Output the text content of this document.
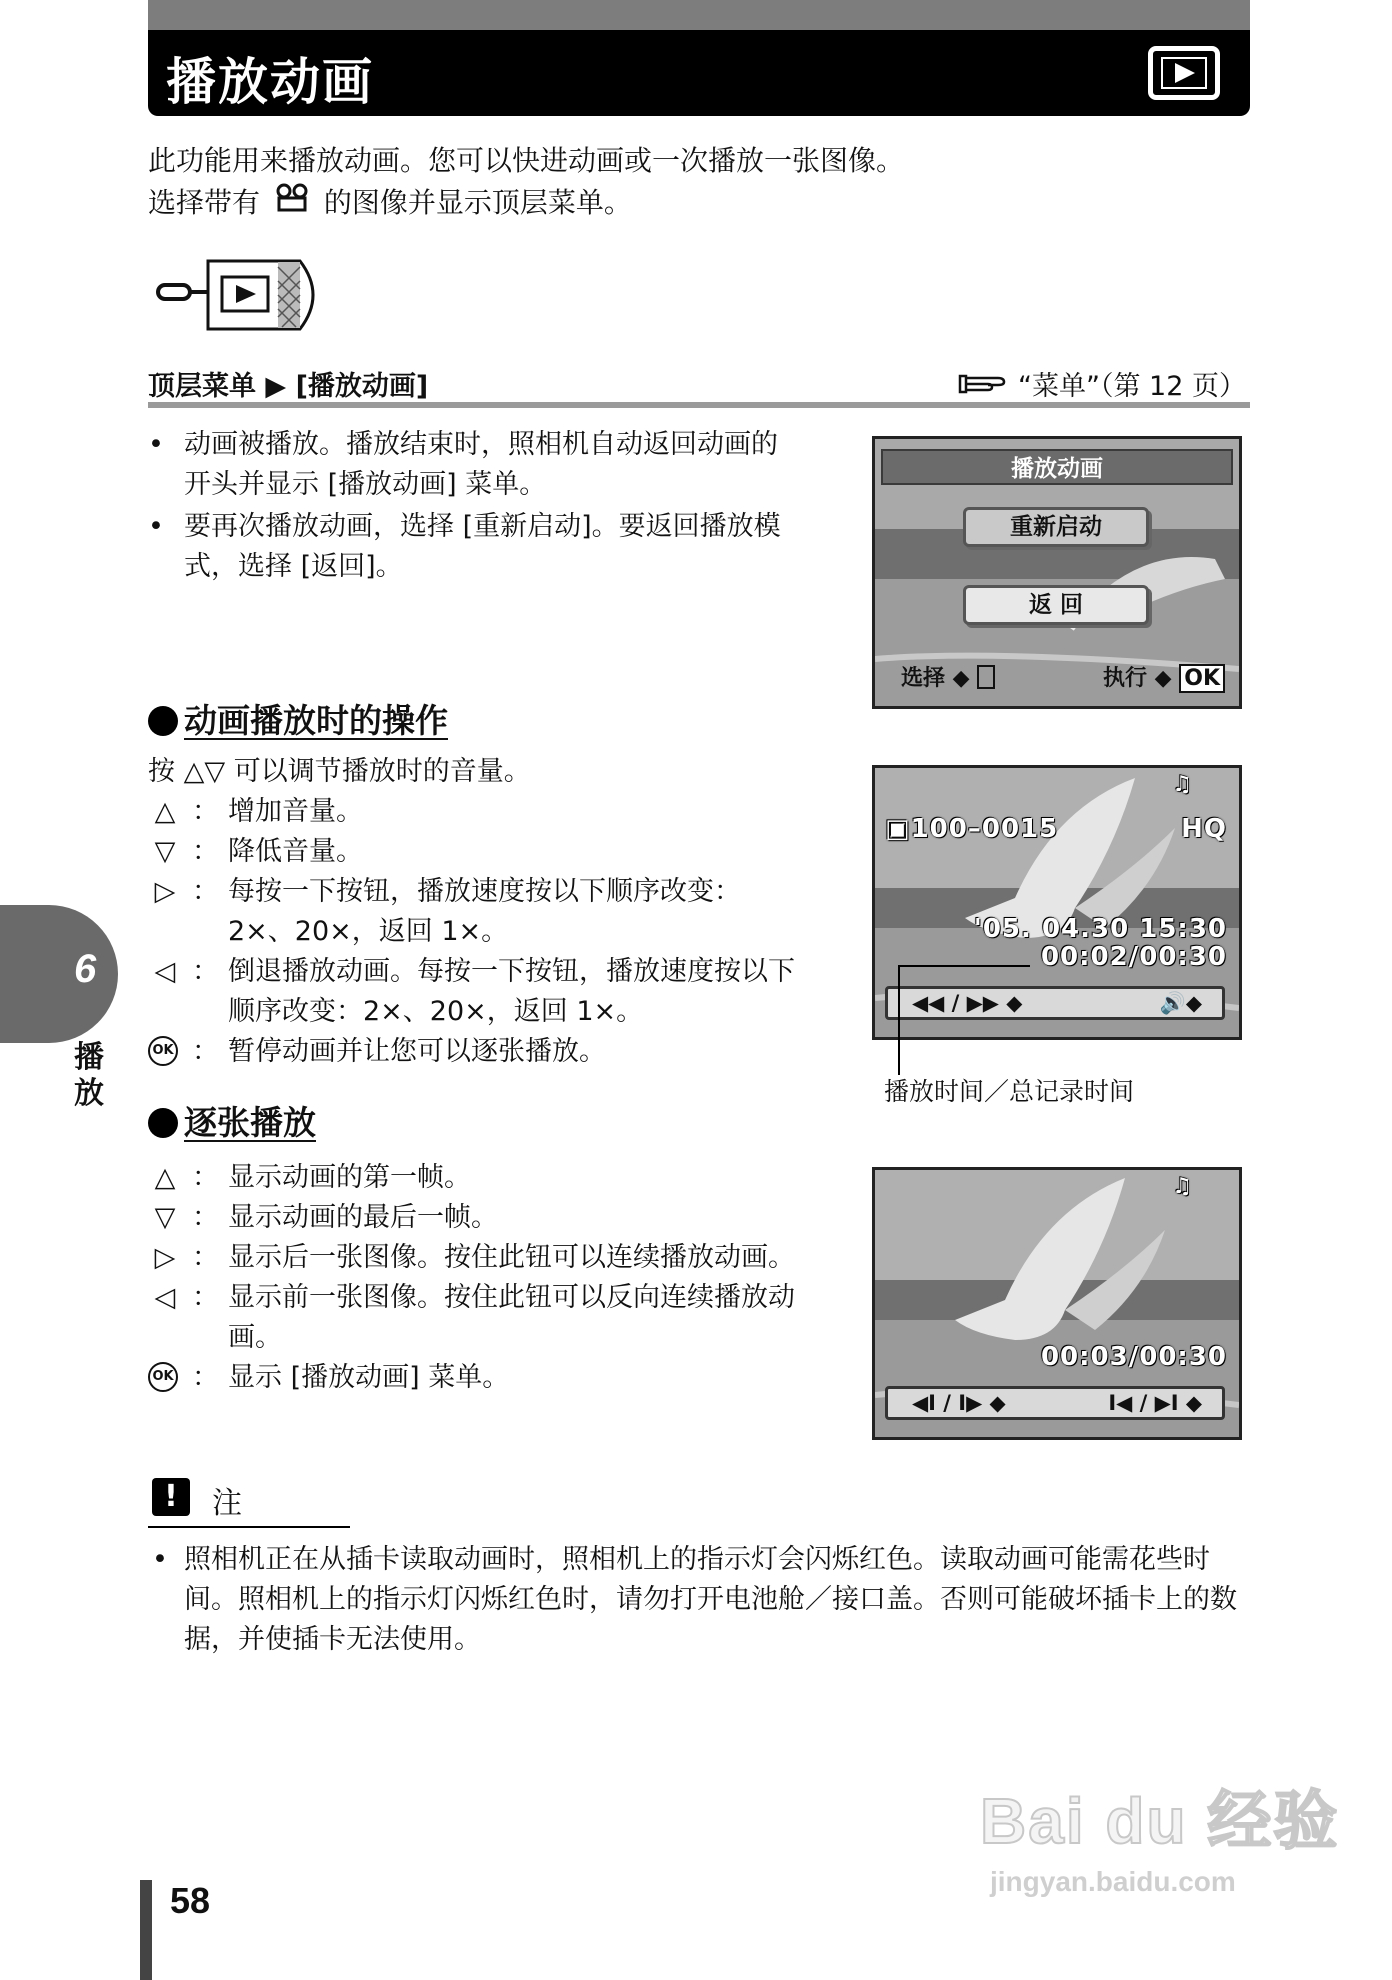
播放动画
此功能用来播放动画。您可以快进动画或一次播放一张图像。
选择带有 的图像并显示顶层菜单。
顶层菜单 ▶ [播放动画]	“菜单”（第 12 页）
• 动画被播放。播放结束时，照相机自动返回动画的开头并显示 [播放动画] 菜单。
• 要再次播放动画，选择 [重新启动]。要返回播放模式，选择 [返回]。
播放动画
重新启动
返 回
选择 ◆	执行 ◆ OK
动画播放时的操作
按 △▽ 可以调节播放时的音量。
△ ： 增加音量。
▽ ： 降低音量。
▷ ： 每按一下按钮，播放速度按以下顺序改变：2×、20×，返回 1×。
◁ ： 倒退播放动画。每按一下按钮，播放速度按以下顺序改变：2×、20×，返回 1×。
OK ： 暂停动画并让您可以逐张播放。
♫
▣100–0015	HQ
'05. 04.30 15:30
00:02/00:30
◀◀ / ▶▶ ◆	🔊◆
播放时间／总记录时间
逐张播放
△ ： 显示动画的第一帧。
▽ ： 显示动画的最后一帧。
▷ ： 显示后一张图像。按住此钮可以连续播放动画。
◁ ： 显示前一张图像。按住此钮可以反向连续播放动画。
OK ： 显示 [播放动画] 菜单。
♫
00:03/00:30
◀I / I▶ ◆	I◀ / ▶I ◆
6
播放
!	注
• 照相机正在从插卡读取动画时，照相机上的指示灯会闪烁红色。读取动画可能需花些时间。照相机上的指示灯闪烁红色时，请勿打开电池舱／接口盖。否则可能破坏插卡上的数据，并使插卡无法使用。
58
Bai du 经验
jingyan.baidu.com
